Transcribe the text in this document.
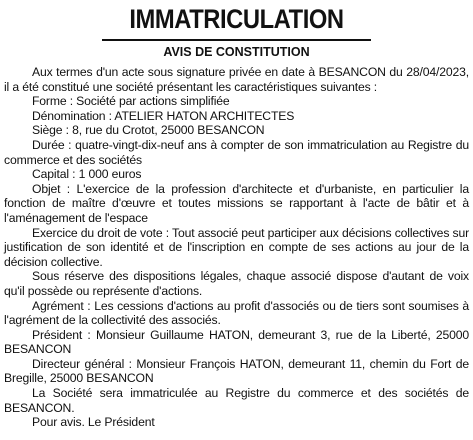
IMMATRICULATION
AVIS DE CONSTITUTION

Aux termes d'un acte sous signature privée en date à BESANCON du 28/04/2023, il a été constitué une société présentant les caractéristiques suivantes :

Forme : Société par actions simplifiée

Dénomination : ATELIER HATON ARCHITECTES

Siège : 8, rue du Crotot, 25000 BESANCON

Durée : quatre-vingt-dix-neuf ans à compter de son immatriculation au Registre du commerce et des sociétés

Capital : 1 000 euros

Objet : L'exercice de la profession d'architecte et d'urbaniste, en particulier la fonction de maître d'œuvre et toutes missions se rapportant à l'acte de bâtir et à l'aménagement de l'espace

Exercice du droit de vote : Tout associé peut participer aux décisions collectives sur justification de son identité et de l'inscription en compte de ses actions au jour de la décision collective.

Sous réserve des dispositions légales, chaque associé dispose d'autant de voix qu'il possède ou représente d'actions.

Agrément : Les cessions d'actions au profit d'associés ou de tiers sont soumises à l'agrément de la collectivité des associés.

Président : Monsieur Guillaume HATON, demeurant 3, rue de la Liberté, 25000 BESANCON

Directeur général : Monsieur François HATON, demeurant 11, chemin du Fort de Bregille, 25000 BESANCON

La Société sera immatriculée au Registre du commerce et des sociétés de BESANCON.

Pour avis. Le Président
